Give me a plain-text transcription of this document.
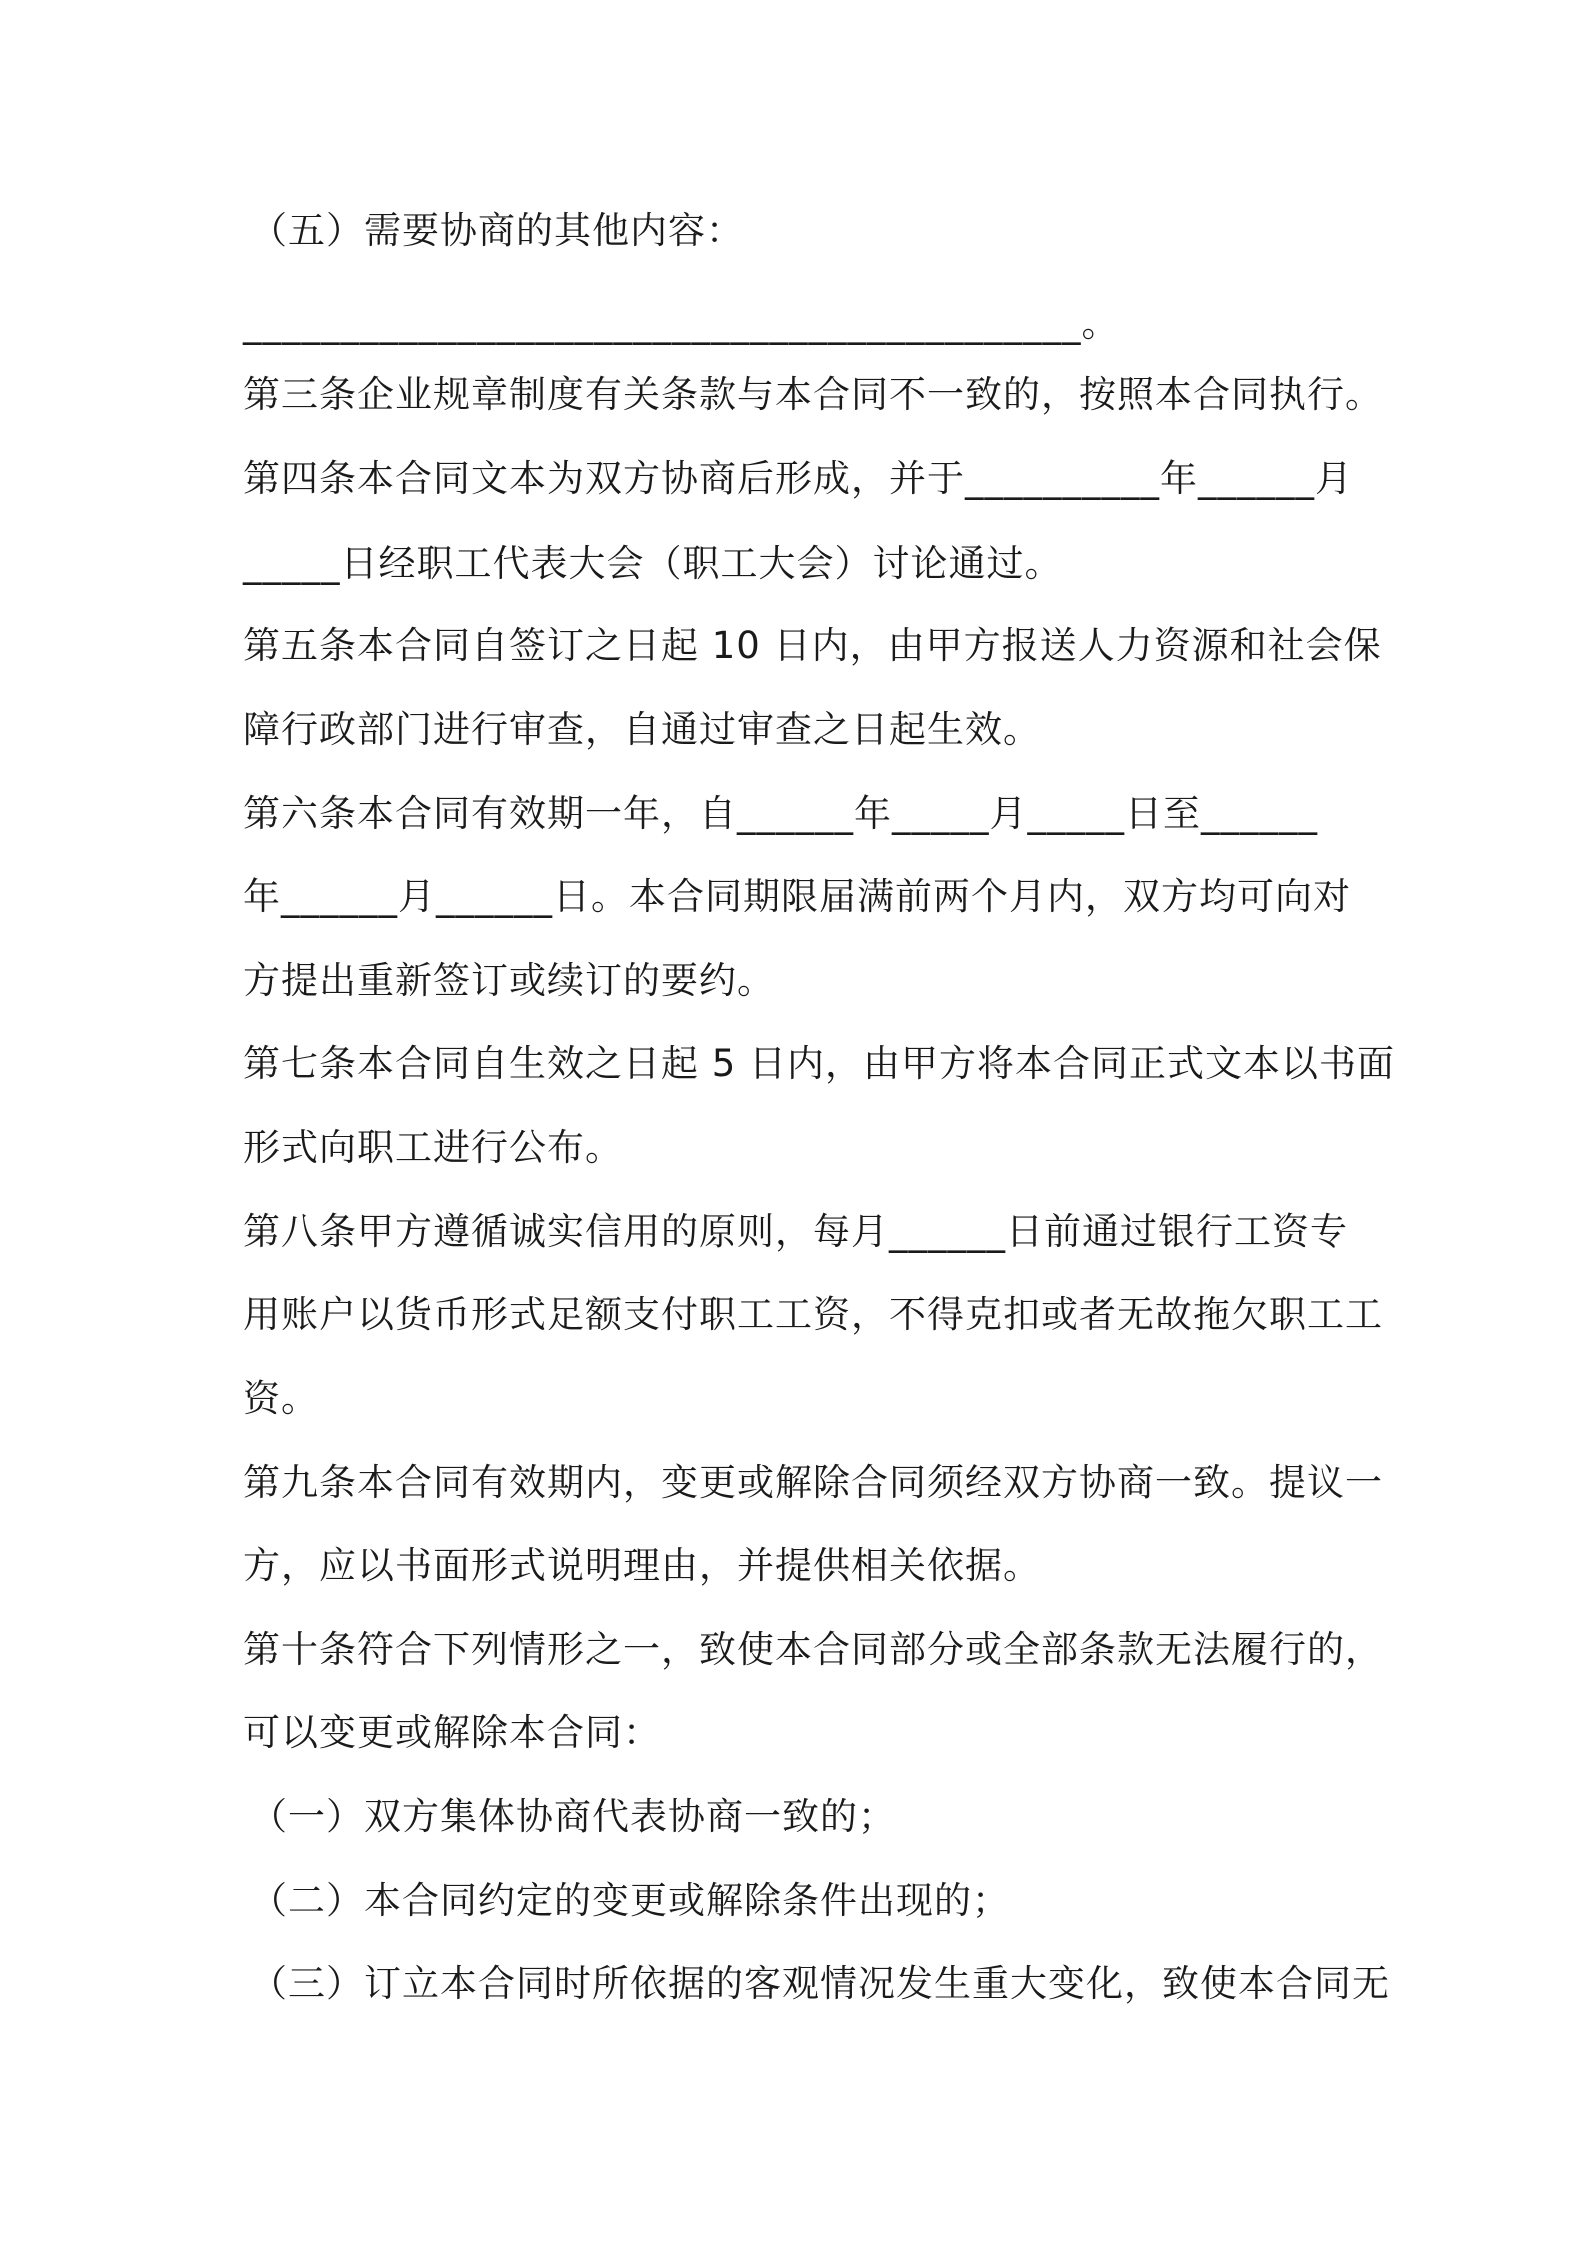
（五）需要协商的其他内容：
___________________________________________。
第三条企业规章制度有关条款与本合同不一致的，按照本合同执行。
第四条本合同文本为双方协商后形成，并于__________年______月
_____日经职工代表大会（职工大会）讨论通过。
第五条本合同自签订之日起 10 日内，由甲方报送人力资源和社会保
障行政部门进行审查，自通过审查之日起生效。
第六条本合同有效期一年，自______年_____月_____日至______
年______月______日。本合同期限届满前两个月内，双方均可向对
方提出重新签订或续订的要约。
第七条本合同自生效之日起 5 日内，由甲方将本合同正式文本以书面
形式向职工进行公布。
第八条甲方遵循诚实信用的原则，每月______日前通过银行工资专
用账户以货币形式足额支付职工工资，不得克扣或者无故拖欠职工工
资。
第九条本合同有效期内，变更或解除合同须经双方协商一致。提议一
方，应以书面形式说明理由，并提供相关依据。
第十条符合下列情形之一，致使本合同部分或全部条款无法履行的，
可以变更或解除本合同：
（一）双方集体协商代表协商一致的；
（二）本合同约定的变更或解除条件出现的；
（三）订立本合同时所依据的客观情况发生重大变化，致使本合同无
